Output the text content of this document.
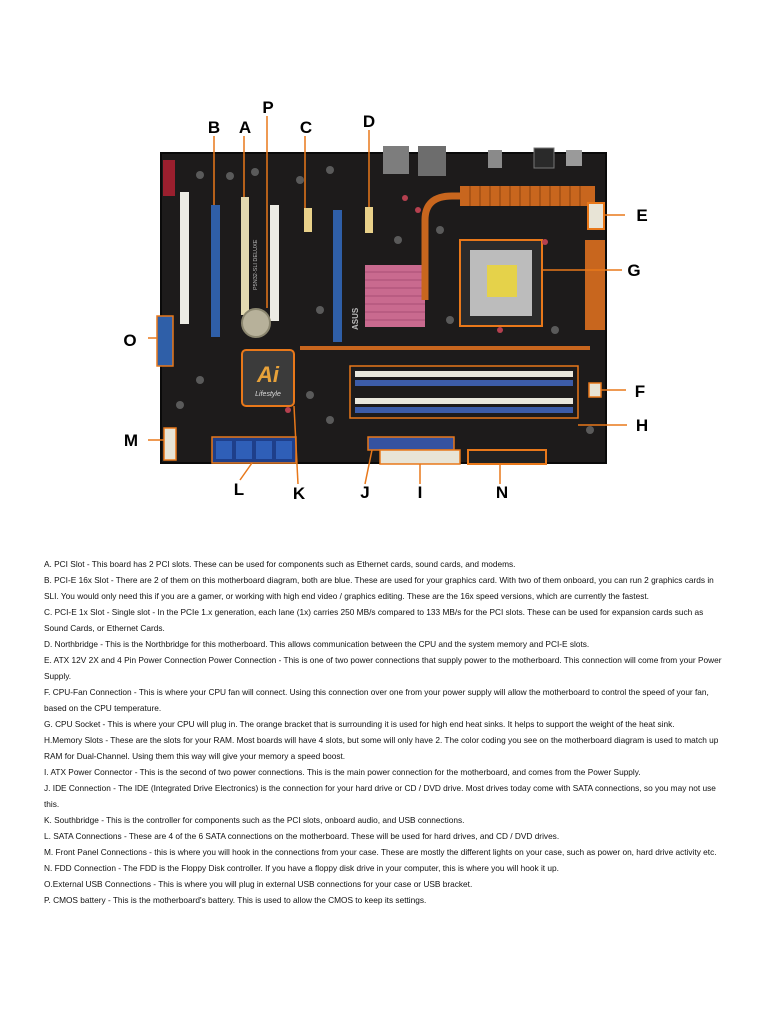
Ai
Lifestyle
ASUS
P5N32-SLI DELUXE
P
B A	C	D
E
G
O
F
H
M
L	K	J	I	N

A. PCI Slot - This board has 2 PCI slots. These can be used for components such as Ethernet cards, sound cards, and modems.

B. PCI-E 16x Slot - There are 2 of them on this motherboard diagram, both are blue. These are used for your graphics card. With two of them onboard, you can run 2 graphics cards in SLI. You would only need this if you are a gamer, or working with high end video / graphics editing. These are the 16x speed versions, which are currently the fastest.

C. PCI-E 1x Slot - Single slot - In the PCIe 1.x generation, each lane (1x) carries 250 MB/s compared to 133 MB/s for the PCI slots. These can be used for expansion cards such as Sound Cards, or Ethernet Cards.

D. Northbridge - This is the Northbridge for this motherboard. This allows communication between the CPU and the system memory and PCI-E slots.

E. ATX 12V 2X and 4 Pin Power Connection Power Connection - This is one of two power connections that supply power to the motherboard. This connection will come from your Power Supply.

F. CPU-Fan Connection - This is where your CPU fan will connect. Using this connection over one from your power supply will allow the motherboard to control the speed of your fan, based on the CPU temperature.

G. CPU Socket - This is where your CPU will plug in. The orange bracket that is surrounding it is used for high end heat sinks. It helps to support the weight of the heat sink.

H.Memory Slots - These are the slots for your RAM. Most boards will have 4 slots, but some will only have 2. The color coding you see on the motherboard diagram is used to match up RAM for Dual-Channel. Using them this way will give your memory a speed boost.

I. ATX Power Connector - This is the second of two power connections. This is the main power connection for the motherboard, and comes from the Power Supply.

J. IDE Connection - The IDE (Integrated Drive Electronics) is the connection for your hard drive or CD / DVD drive. Most drives today come with SATA connections, so you may not use this.

K. Southbridge - This is the controller for components such as the PCI slots, onboard audio, and USB connections.

L. SATA Connections - These are 4 of the 6 SATA connections on the motherboard. These will be used for hard drives, and CD / DVD drives.

M. Front Panel Connections - this is where you will hook in the connections from your case. These are mostly the different lights on your case, such as power on, hard drive activity etc.

N. FDD Connection - The FDD is the Floppy Disk controller. If you have a floppy disk drive in your computer, this is where you will hook it up.

O.External USB Connections - This is where you will plug in external USB connections for your case or USB bracket.

P. CMOS battery - This is the motherboard's battery. This is used to allow the CMOS to keep its settings.
